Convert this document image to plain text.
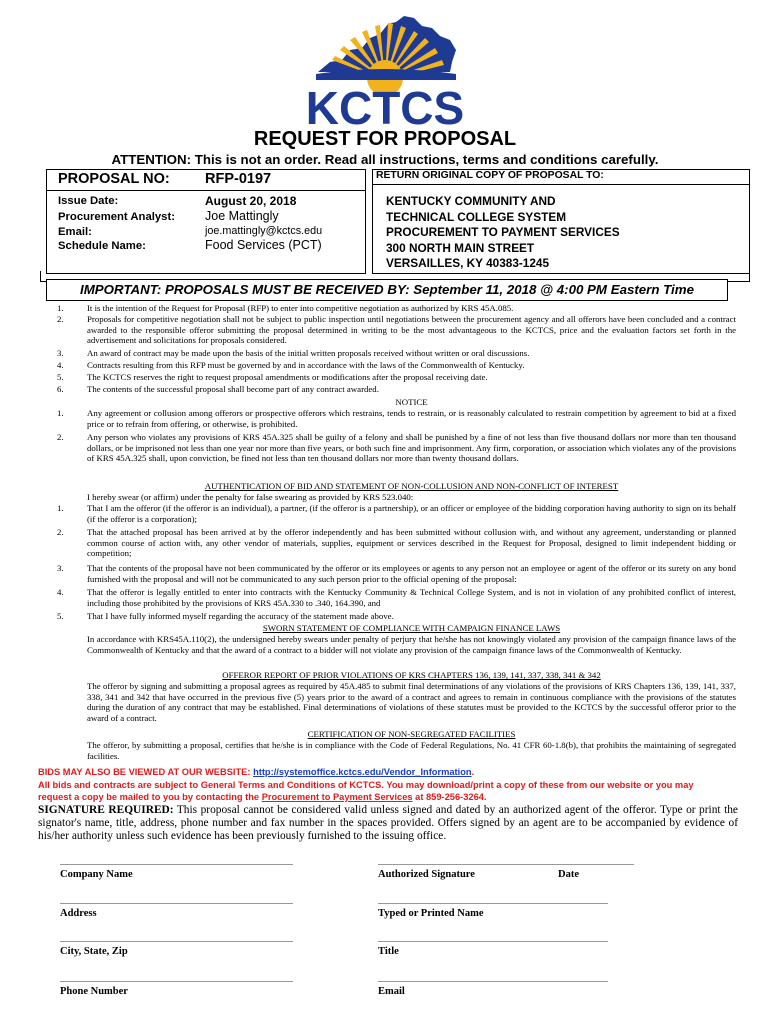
KCTCS
REQUEST FOR PROPOSAL
ATTENTION: This is not an order. Read all instructions, terms and conditions carefully.
PROPOSAL NO: RFP-0197	RETURN ORIGINAL COPY OF PROPOSAL TO:
Issue Date:	August 20, 2018
Procurement Analyst: Joe Mattingly
Email:	joe.mattingly@kctcs.edu
Schedule Name:	Food Services (PCT)
KENTUCKY COMMUNITY AND
TECHNICAL COLLEGE SYSTEM
PROCUREMENT TO PAYMENT SERVICES
300 NORTH MAIN STREET
VERSAILLES, KY 40383-1245
IMPORTANT: PROPOSALS MUST BE RECEIVED BY: September 11, 2018 @ 4:00 PM Eastern Time
1.	It is the intention of the Request for Proposal (RFP) to enter into competitive negotiation as authorized by KRS 45A.085.
2.	Proposals for competitive negotiation shall not be subject to public inspection until negotiations between the procurement agency and all offerors have been concluded and a contract awarded to the responsible offeror submitting the proposal determined in writing to be the most advantageous to the KCTCS, price and the evaluation factors set forth in the advertisement and solicitations for proposals considered.
3.	An award of contract may be made upon the basis of the initial written proposals received without written or oral discussions.
4.	Contracts resulting from this RFP must be governed by and in accordance with the laws of the Commonwealth of Kentucky.
5.	The KCTCS reserves the right to request proposal amendments or modifications after the proposal receiving date.
6.	The contents of the successful proposal shall become part of any contract awarded.
NOTICE
1.	Any agreement or collusion among offerors or prospective offerors which restrains, tends to restrain, or is reasonably calculated to restrain competition by agreement to bid at a fixed price or to refrain from offering, or otherwise, is prohibited.
2.	Any person who violates any provisions of KRS 45A.325 shall be guilty of a felony and shall be punished by a fine of not less than five thousand dollars nor more than ten thousand dollars, or be imprisoned not less than one year nor more than five years, or both such fine and imprisonment. Any firm, corporation, or association which violates any of the provisions of KRS 45A.325 shall, upon conviction, be fined not less than ten thousand dollars nor more than twenty thousand dollars.
AUTHENTICATION OF BID AND STATEMENT OF NON-COLLUSION AND NON-CONFLICT OF INTEREST
I hereby swear (or affirm) under the penalty for false swearing as provided by KRS 523.040:
1.	That I am the offeror (if the offeror is an individual), a partner, (if the offeror is a partnership), or an officer or employee of the bidding corporation having authority to sign on its behalf (if the offeror is a corporation);
2.	That the attached proposal has been arrived at by the offeror independently and has been submitted without collusion with, and without any agreement, understanding or planned common course of action with, any other vendor of materials, supplies, equipment or services described in the Request for Proposal, designed to limit independent bidding or competition;
3.	That the contents of the proposal have not been communicated by the offeror or its employees or agents to any person not an employee or agent of the offeror or its surety on any bond furnished with the proposal and will not be communicated to any such person prior to the official opening of the proposal:
4.	That the offeror is legally entitled to enter into contracts with the Kentucky Community & Technical College System, and is not in violation of any prohibited conflict of interest, including those prohibited by the provisions of KRS 45A.330 to .340, 164.390, and
5.	That I have fully informed myself regarding the accuracy of the statement made above.
SWORN STATEMENT OF COMPLIANCE WITH CAMPAIGN FINANCE LAWS
In accordance with KRS45A.110(2), the undersigned hereby swears under penalty of perjury that he/she has not knowingly violated any provision of the campaign finance laws of the Commonwealth of Kentucky and that the award of a contract to a bidder will not violate any provision of the campaign finance laws of the Commonwealth of Kentucky.
OFFEROR REPORT OF PRIOR VIOLATIONS OF KRS CHAPTERS 136, 139, 141, 337, 338, 341 & 342
The offeror by signing and submitting a proposal agrees as required by 45A.485 to submit final determinations of any violations of the provisions of KRS Chapters 136, 139, 141, 337, 338, 341 and 342 that have occurred in the previous five (5) years prior to the award of a contract and agrees to remain in continuous compliance with the provisions of the statutes during the duration of any contract that may be established. Final determinations of violations of these statutes must be provided to the KCTCS by the successful offeror prior to the award of a contract.
CERTIFICATION OF NON-SEGREGATED FACILITIES
The offeror, by submitting a proposal, certifies that he/she is in compliance with the Code of Federal Regulations, No. 41 CFR 60-1.8(b), that prohibits the maintaining of segregated facilities.
BIDS MAY ALSO BE VIEWED AT OUR WEBSITE: http://systemoffice.kctcs.edu/Vendor_Information.
All bids and contracts are subject to General Terms and Conditions of KCTCS. You may download/print a copy of these from our website or you may
request a copy be mailed to you by contacting the Procurement to Payment Services at 859-256-3264.
SIGNATURE REQUIRED: This proposal cannot be considered valid unless signed and dated by an authorized agent of the offeror. Type or print the signator's name, title, address, phone number and fax number in the spaces provided. Offers signed by an agent are to be accompanied by evidence of his/her authority unless such evidence has been previously furnished to the issuing office.
Company Name	Authorized Signature	Date
Address	Typed or Printed Name
City, State, Zip	Title
Phone Number	Email
